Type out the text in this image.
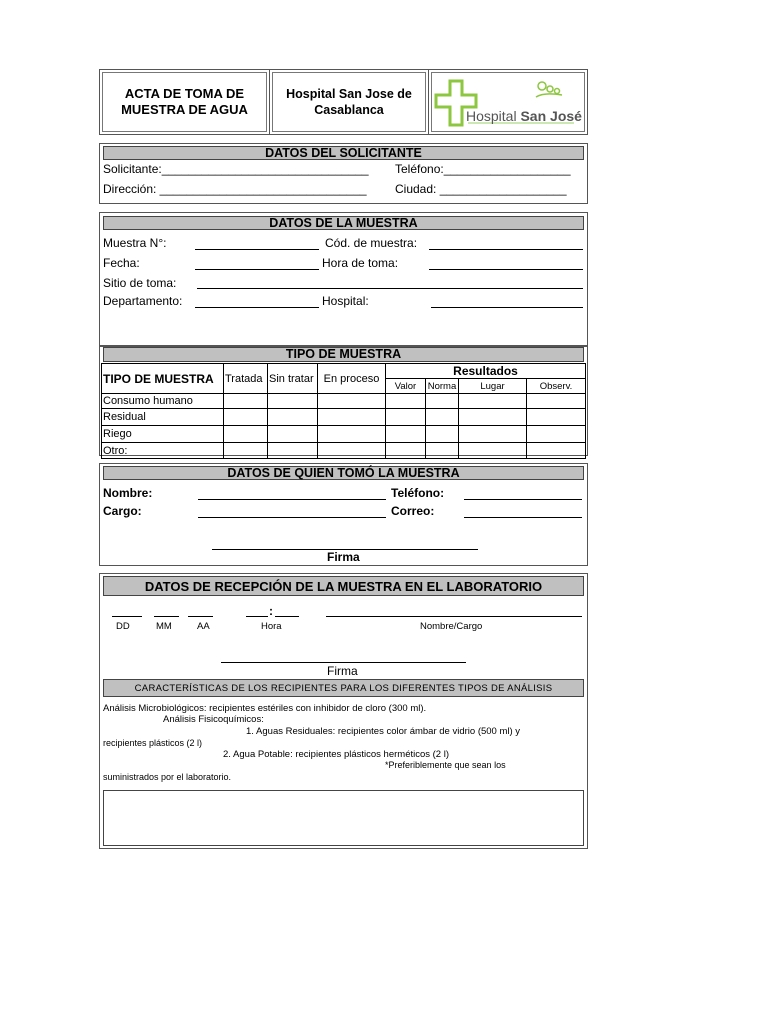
ACTA DE TOMA DE
MUESTRA DE AGUA
Hospital San Jose de
Casablanca	Hospital San José
DATOS DEL SOLICITANTE
Solicitante:_______________________________ Teléfono:___________________
Dirección: _______________________________ Ciudad: ___________________
DATOS DE LA MUESTRA
Muestra N°:	Cód. de muestra:
Fecha:	Hora de toma:
Sitio de toma:
Departamento:	Hospital:
TIPO DE MUESTRA
TIPO DE MUESTRA	Tratada	Sin tratar	En proceso	Resultados			
				Valor	Norma	Lugar	Observ.
Consumo humano							
Residual							
Riego							
Otro:							
DATOS DE QUIEN TOMÓ LA MUESTRA
Nombre:	Teléfono:
Cargo:	Correo:
Firma
DATOS DE RECEPCIÓN DE LA MUESTRA EN EL LABORATORIO
:
DD	MM	AA	Hora	Nombre/Cargo
Firma
CARACTERÍSTICAS DE LOS RECIPIENTES PARA LOS DIFERENTES TIPOS DE ANÁLISIS
Análisis Microbiológicos: recipientes estériles con inhibidor de cloro (300 ml).
Análisis Fisicoquímicos:
1. Aguas Residuales: recipientes color ámbar de vidrio (500 ml) y
recipientes plásticos (2 l)
2. Agua Potable: recipientes plásticos herméticos (2 l)
*Preferiblemente que sean los
suministrados por el laboratorio.
